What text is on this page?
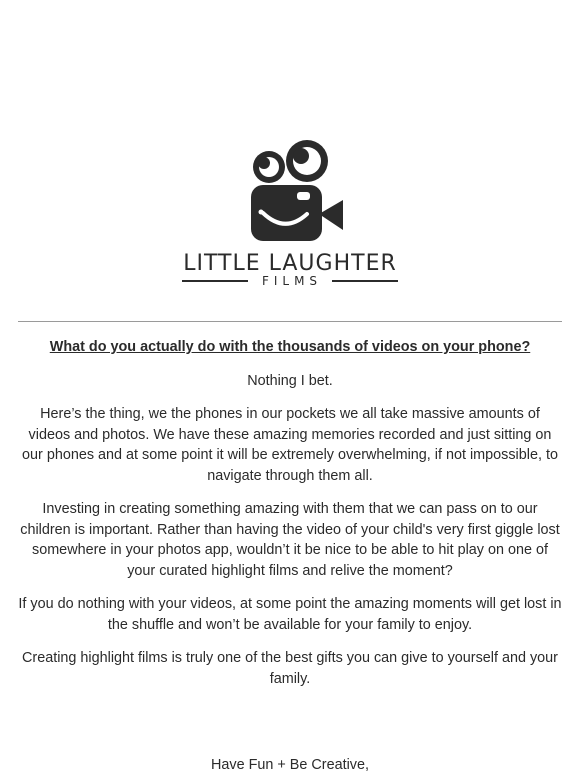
LITTLE LAUGHTER
FILMS

What do you actually do with the thousands of videos on your phone?

Nothing I bet.

Here’s the thing, we the phones in our pockets we all take massive amounts of videos and photos. We have these amazing memories recorded and just sitting on our phones and at some point it will be extremely overwhelming, if not impossible, to navigate through them all.

Investing in creating something amazing with them that we can pass on to our children is important. Rather than having the video of your child's very first giggle lost somewhere in your photos app, wouldn’t it be nice to be able to hit play on one of your curated highlight films and relive the moment?

If you do nothing with your videos, at some point the amazing moments will get lost in the shuffle and won’t be available for your family to enjoy.

Creating highlight films is truly one of the best gifts you can give to yourself and your family.

Have Fun + Be Creative,
